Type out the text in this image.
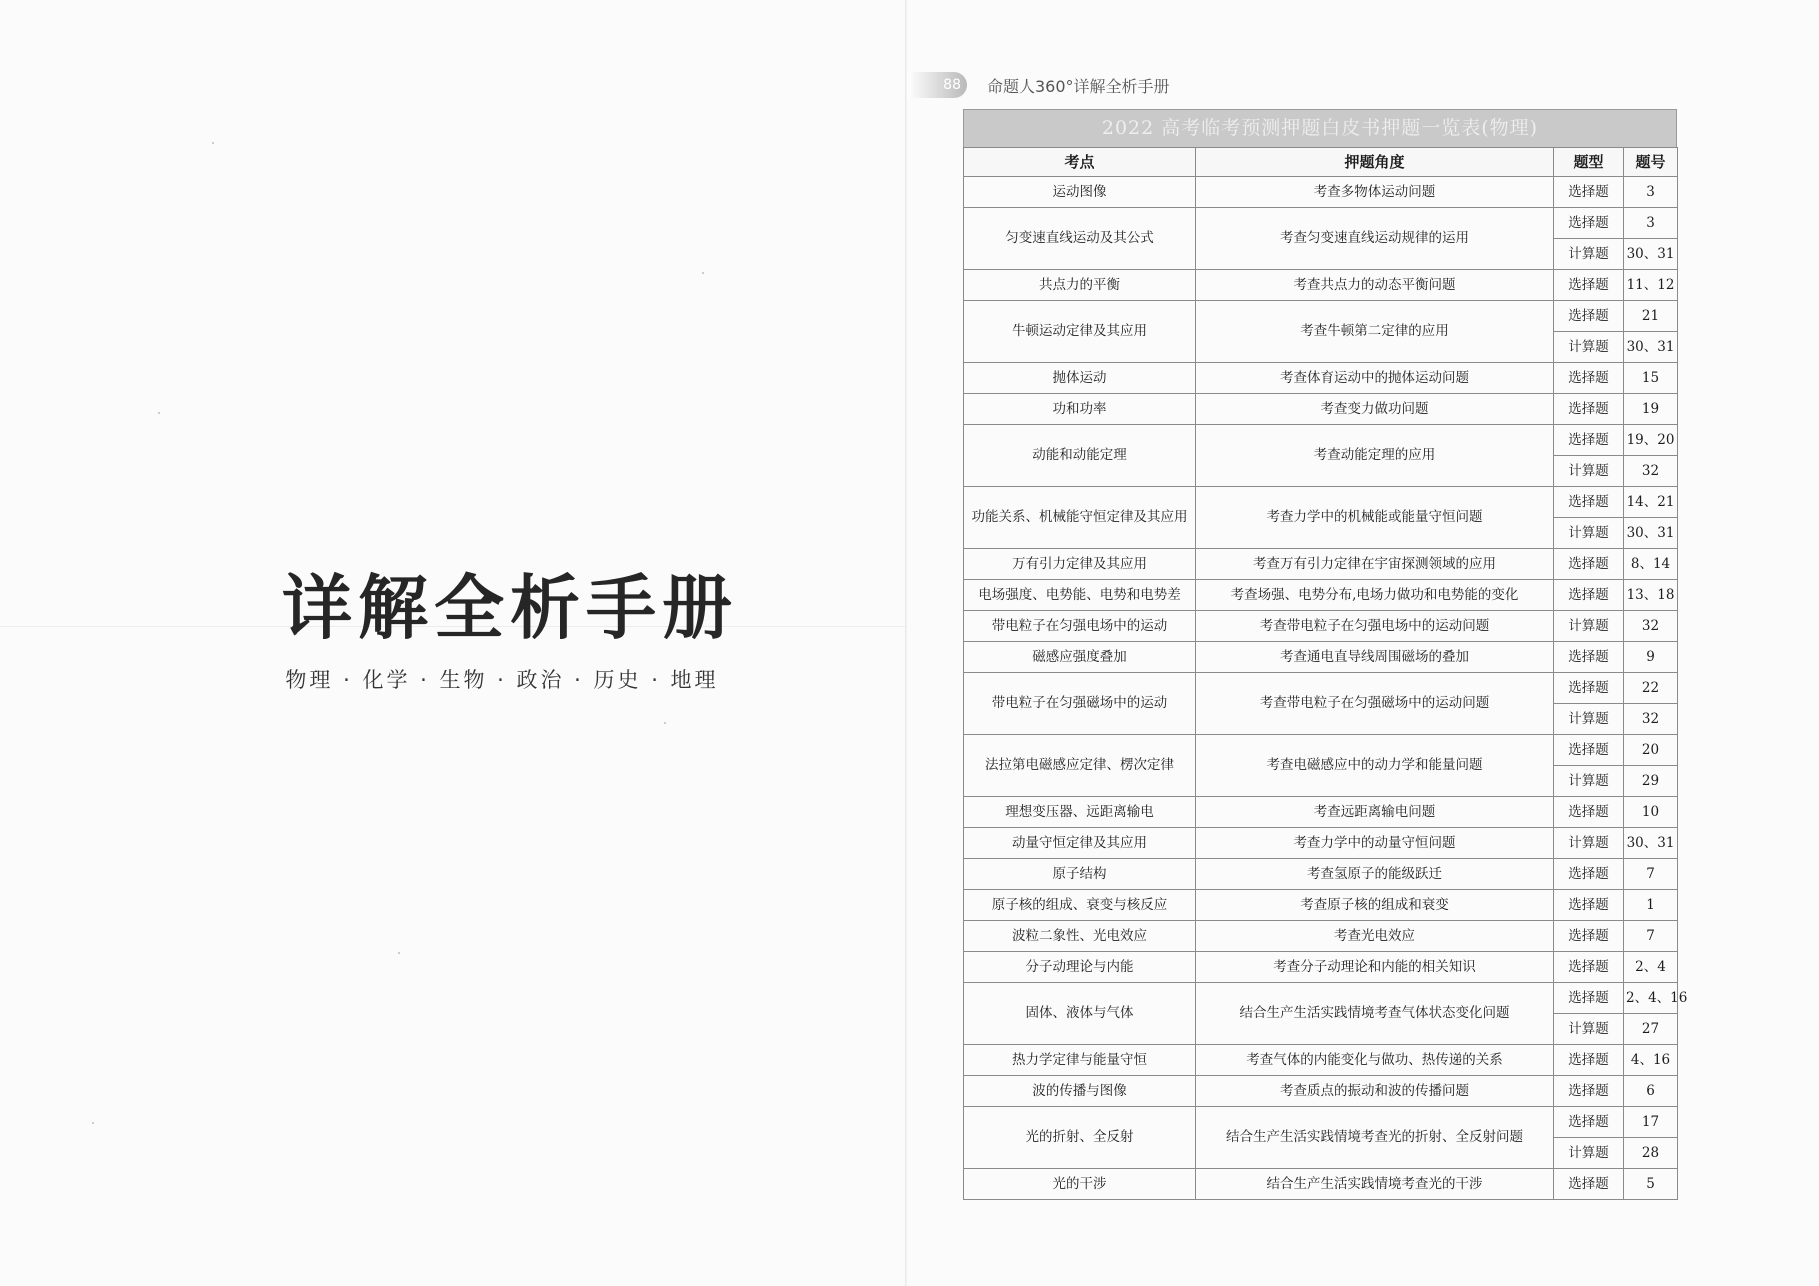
详解全析手册
物理 · 化学 · 生物 · 政治 · 历史 · 地理
88	命题人360°详解全析手册
2022 高考临考预测押题白皮书押题一览表(物理)
考点	押题角度	题型	题号
运动图像	考查多物体运动问题	选择题	3
匀变速直线运动及其公式	考查匀变速直线运动规律的运用	选择题	3
		计算题	30、31
共点力的平衡	考查共点力的动态平衡问题	选择题	11、12
牛顿运动定律及其应用	考查牛顿第二定律的应用	选择题	21
		计算题	30、31
抛体运动	考查体育运动中的抛体运动问题	选择题	15
功和功率	考查变力做功问题	选择题	19
动能和动能定理	考查动能定理的应用	选择题	19、20
		计算题	32
功能关系、机械能守恒定律及其应用	考查力学中的机械能或能量守恒问题	选择题	14、21
		计算题	30、31
万有引力定律及其应用	考查万有引力定律在宇宙探测领域的应用	选择题	8、14
电场强度、电势能、电势和电势差	考查场强、电势分布,电场力做功和电势能的变化	选择题	13、18
带电粒子在匀强电场中的运动	考查带电粒子在匀强电场中的运动问题	计算题	32
磁感应强度叠加	考查通电直导线周围磁场的叠加	选择题	9
带电粒子在匀强磁场中的运动	考查带电粒子在匀强磁场中的运动问题	选择题	22
		计算题	32
法拉第电磁感应定律、楞次定律	考查电磁感应中的动力学和能量问题	选择题	20
		计算题	29
理想变压器、远距离输电	考查远距离输电问题	选择题	10
动量守恒定律及其应用	考查力学中的动量守恒问题	计算题	30、31
原子结构	考查氢原子的能级跃迁	选择题	7
原子核的组成、衰变与核反应	考查原子核的组成和衰变	选择题	1
波粒二象性、光电效应	考查光电效应	选择题	7
分子动理论与内能	考查分子动理论和内能的相关知识	选择题	2、4
固体、液体与气体	结合生产生活实践情境考查气体状态变化问题	选择题	2、4、16
		计算题	27
热力学定律与能量守恒	考查气体的内能变化与做功、热传递的关系	选择题	4、16
波的传播与图像	考查质点的振动和波的传播问题	选择题	6
光的折射、全反射	结合生产生活实践情境考查光的折射、全反射问题	选择题	17
		计算题	28
光的干涉	结合生产生活实践情境考查光的干涉	选择题	5
